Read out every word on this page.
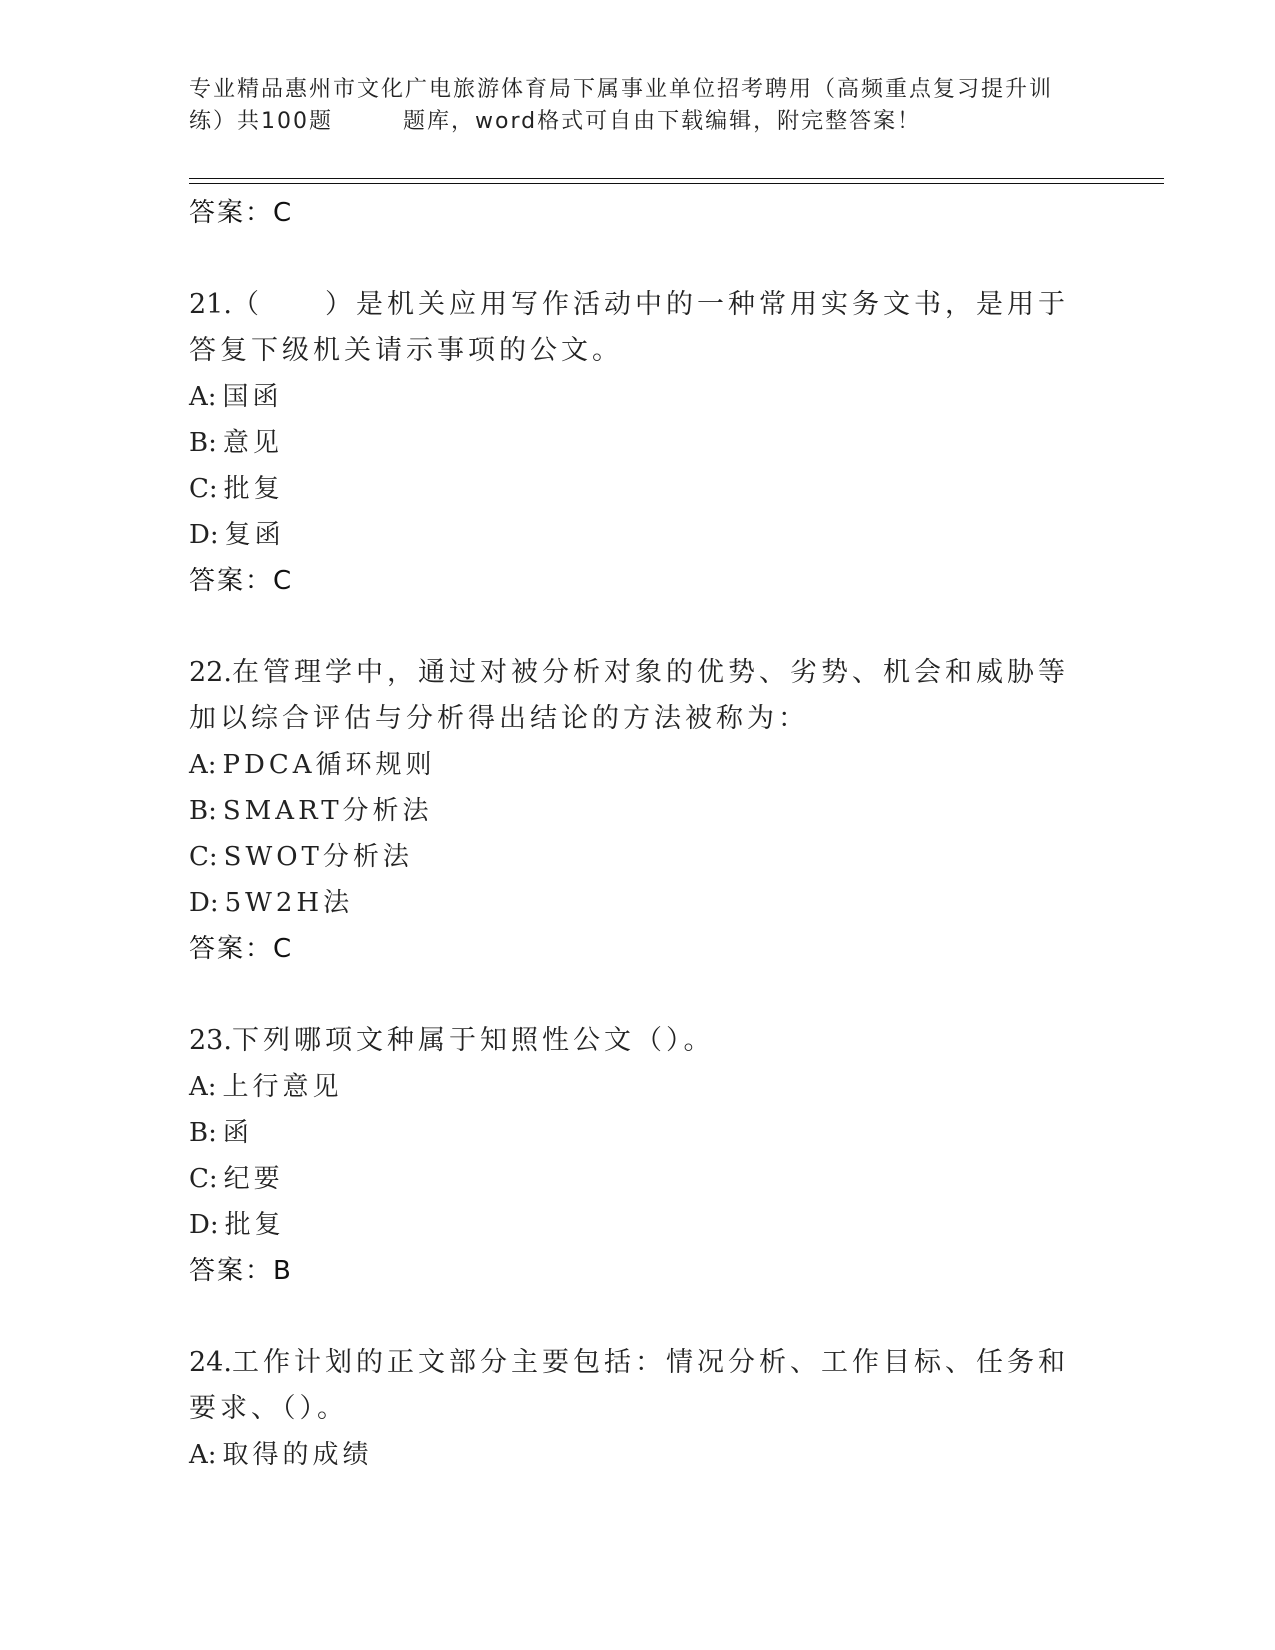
专业精品惠州市文化广电旅游体育局下属事业单位招考聘用（高频重点复习提升训
练）共100题	题库，word格式可自由下载编辑，附完整答案！
答案：C
21.（　　）是机关应用写作活动中的一种常用实务文书，是用于答复下级机关请示事项的公文。
A: 国函
B: 意见
C: 批复
D: 复函
答案：C
22.在管理学中，通过对被分析对象的优势、劣势、机会和威胁等加以综合评估与分析得出结论的方法被称为：
A: PDCA循环规则
B: SMART分析法
C: SWOT分析法
D: 5W2H法
答案：C
23.下列哪项文种属于知照性公文（）。
A: 上行意见
B: 函
C: 纪要
D: 批复
答案：B
24.工作计划的正文部分主要包括：情况分析、工作目标、任务和要求、（）。
A: 取得的成绩
